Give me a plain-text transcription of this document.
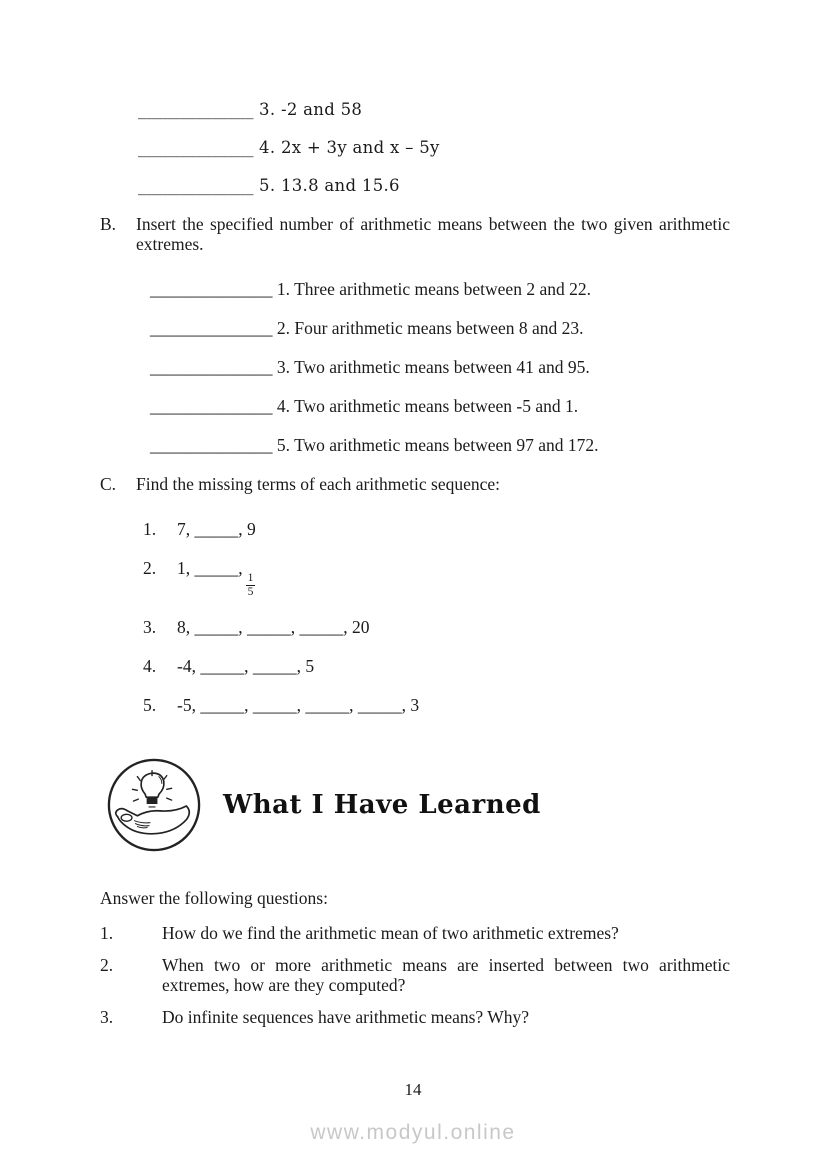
______________ 3. -2 and 58
______________ 4. 2x + 3y and x – 5y
______________ 5. 13.8 and 15.6
B.	Insert the specified number of arithmetic means between the two given arithmetic extremes.
______________ 1. Three arithmetic means between 2 and 22.
______________ 2. Four arithmetic means between 8 and 23.
______________ 3. Two arithmetic means between 41 and 95.
______________ 4. Two arithmetic means between -5 and 1.
______________ 5. Two arithmetic means between 97 and 172.
C.	Find the missing terms of each arithmetic sequence:
1.	7, _____, 9
2.	1, _____,
$\frac{1}{5}$
3.	8, _____, _____, _____, 20
4.	-4, _____, _____, 5
5.	-5, _____, _____, _____, _____, 3
What I Have Learned
Answer the following questions:
1.	How do we find the arithmetic mean of two arithmetic extremes?
2.	When two or more arithmetic means are inserted between two arithmetic extremes, how are they computed?
3.	Do infinite sequences have arithmetic means? Why?
14
www.modyul.online
